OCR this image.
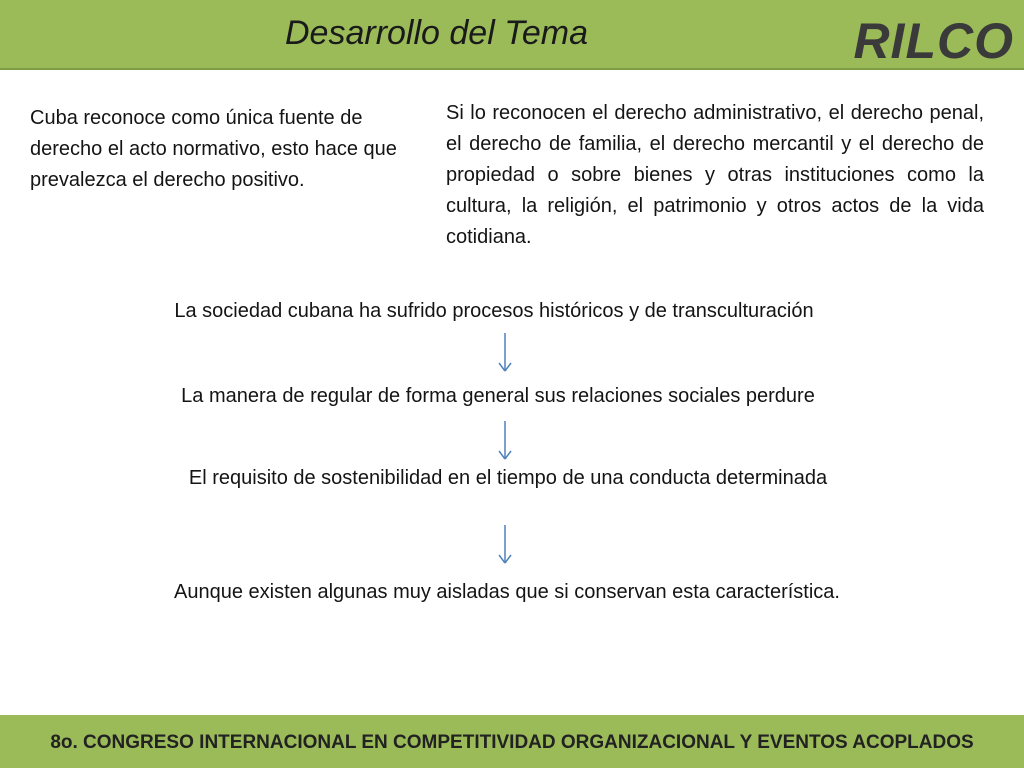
Desarrollo del Tema	RILCO
Cuba reconoce como única fuente de derecho el acto normativo, esto hace que prevalezca el derecho positivo.
Si lo reconocen el derecho administrativo, el derecho penal, el derecho de familia, el derecho mercantil y el derecho de propiedad o sobre bienes y otras instituciones como la cultura, la religión, el patrimonio y otros actos de la vida cotidiana.
La sociedad cubana ha sufrido procesos históricos y de transculturación
La manera de regular de forma general sus relaciones sociales perdure
El requisito de sostenibilidad en el tiempo de una conducta determinada
Aunque existen algunas muy aisladas que si conservan esta característica.
8o. CONGRESO INTERNACIONAL EN COMPETITIVIDAD ORGANIZACIONAL Y EVENTOS ACOPLADOS
